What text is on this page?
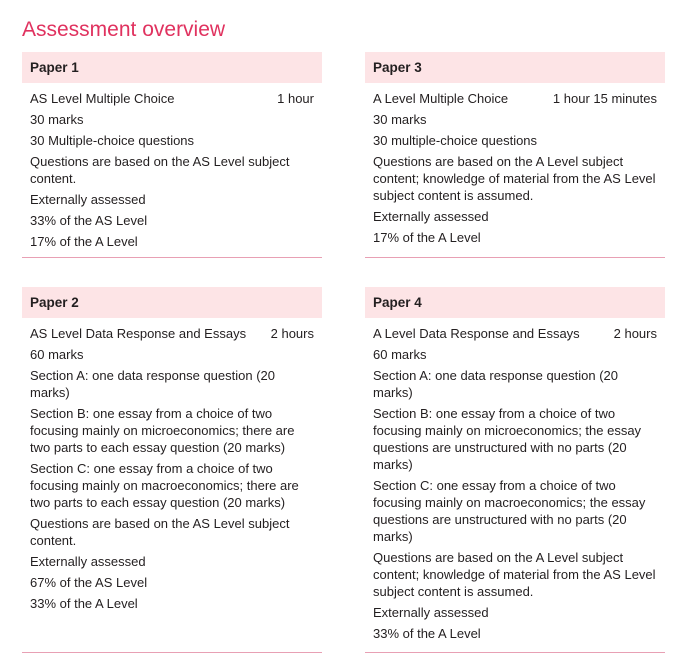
Assessment overview
Paper 1
AS Level Multiple Choice	1 hour
30 marks
30 Multiple-choice questions
Questions are based on the AS Level subject content.
Externally assessed
33% of the AS Level
17% of the A Level
Paper 3
A Level Multiple Choice	1 hour 15 minutes
30 marks
30 multiple-choice questions
Questions are based on the A Level subject content; knowledge of material from the AS Level subject content is assumed.
Externally assessed
17% of the A Level
Paper 2
AS Level Data Response and Essays 2 hours
60 marks
Section A: one data response question (20 marks)
Section B: one essay from a choice of two focusing mainly on microeconomics; there are two parts to each essay question (20 marks)
Section C: one essay from a choice of two focusing mainly on macroeconomics; there are two parts to each essay question (20 marks)
Questions are based on the AS Level subject content.
Externally assessed
67% of the AS Level
33% of the A Level
Paper 4
A Level Data Response and Essays	2 hours
60 marks
Section A: one data response question (20 marks)
Section B: one essay from a choice of two focusing mainly on microeconomics; the essay questions are unstructured with no parts (20 marks)
Section C: one essay from a choice of two focusing mainly on macroeconomics; the essay questions are unstructured with no parts (20 marks)
Questions are based on the A Level subject content; knowledge of material from the AS Level subject content is assumed.
Externally assessed
33% of the A Level
